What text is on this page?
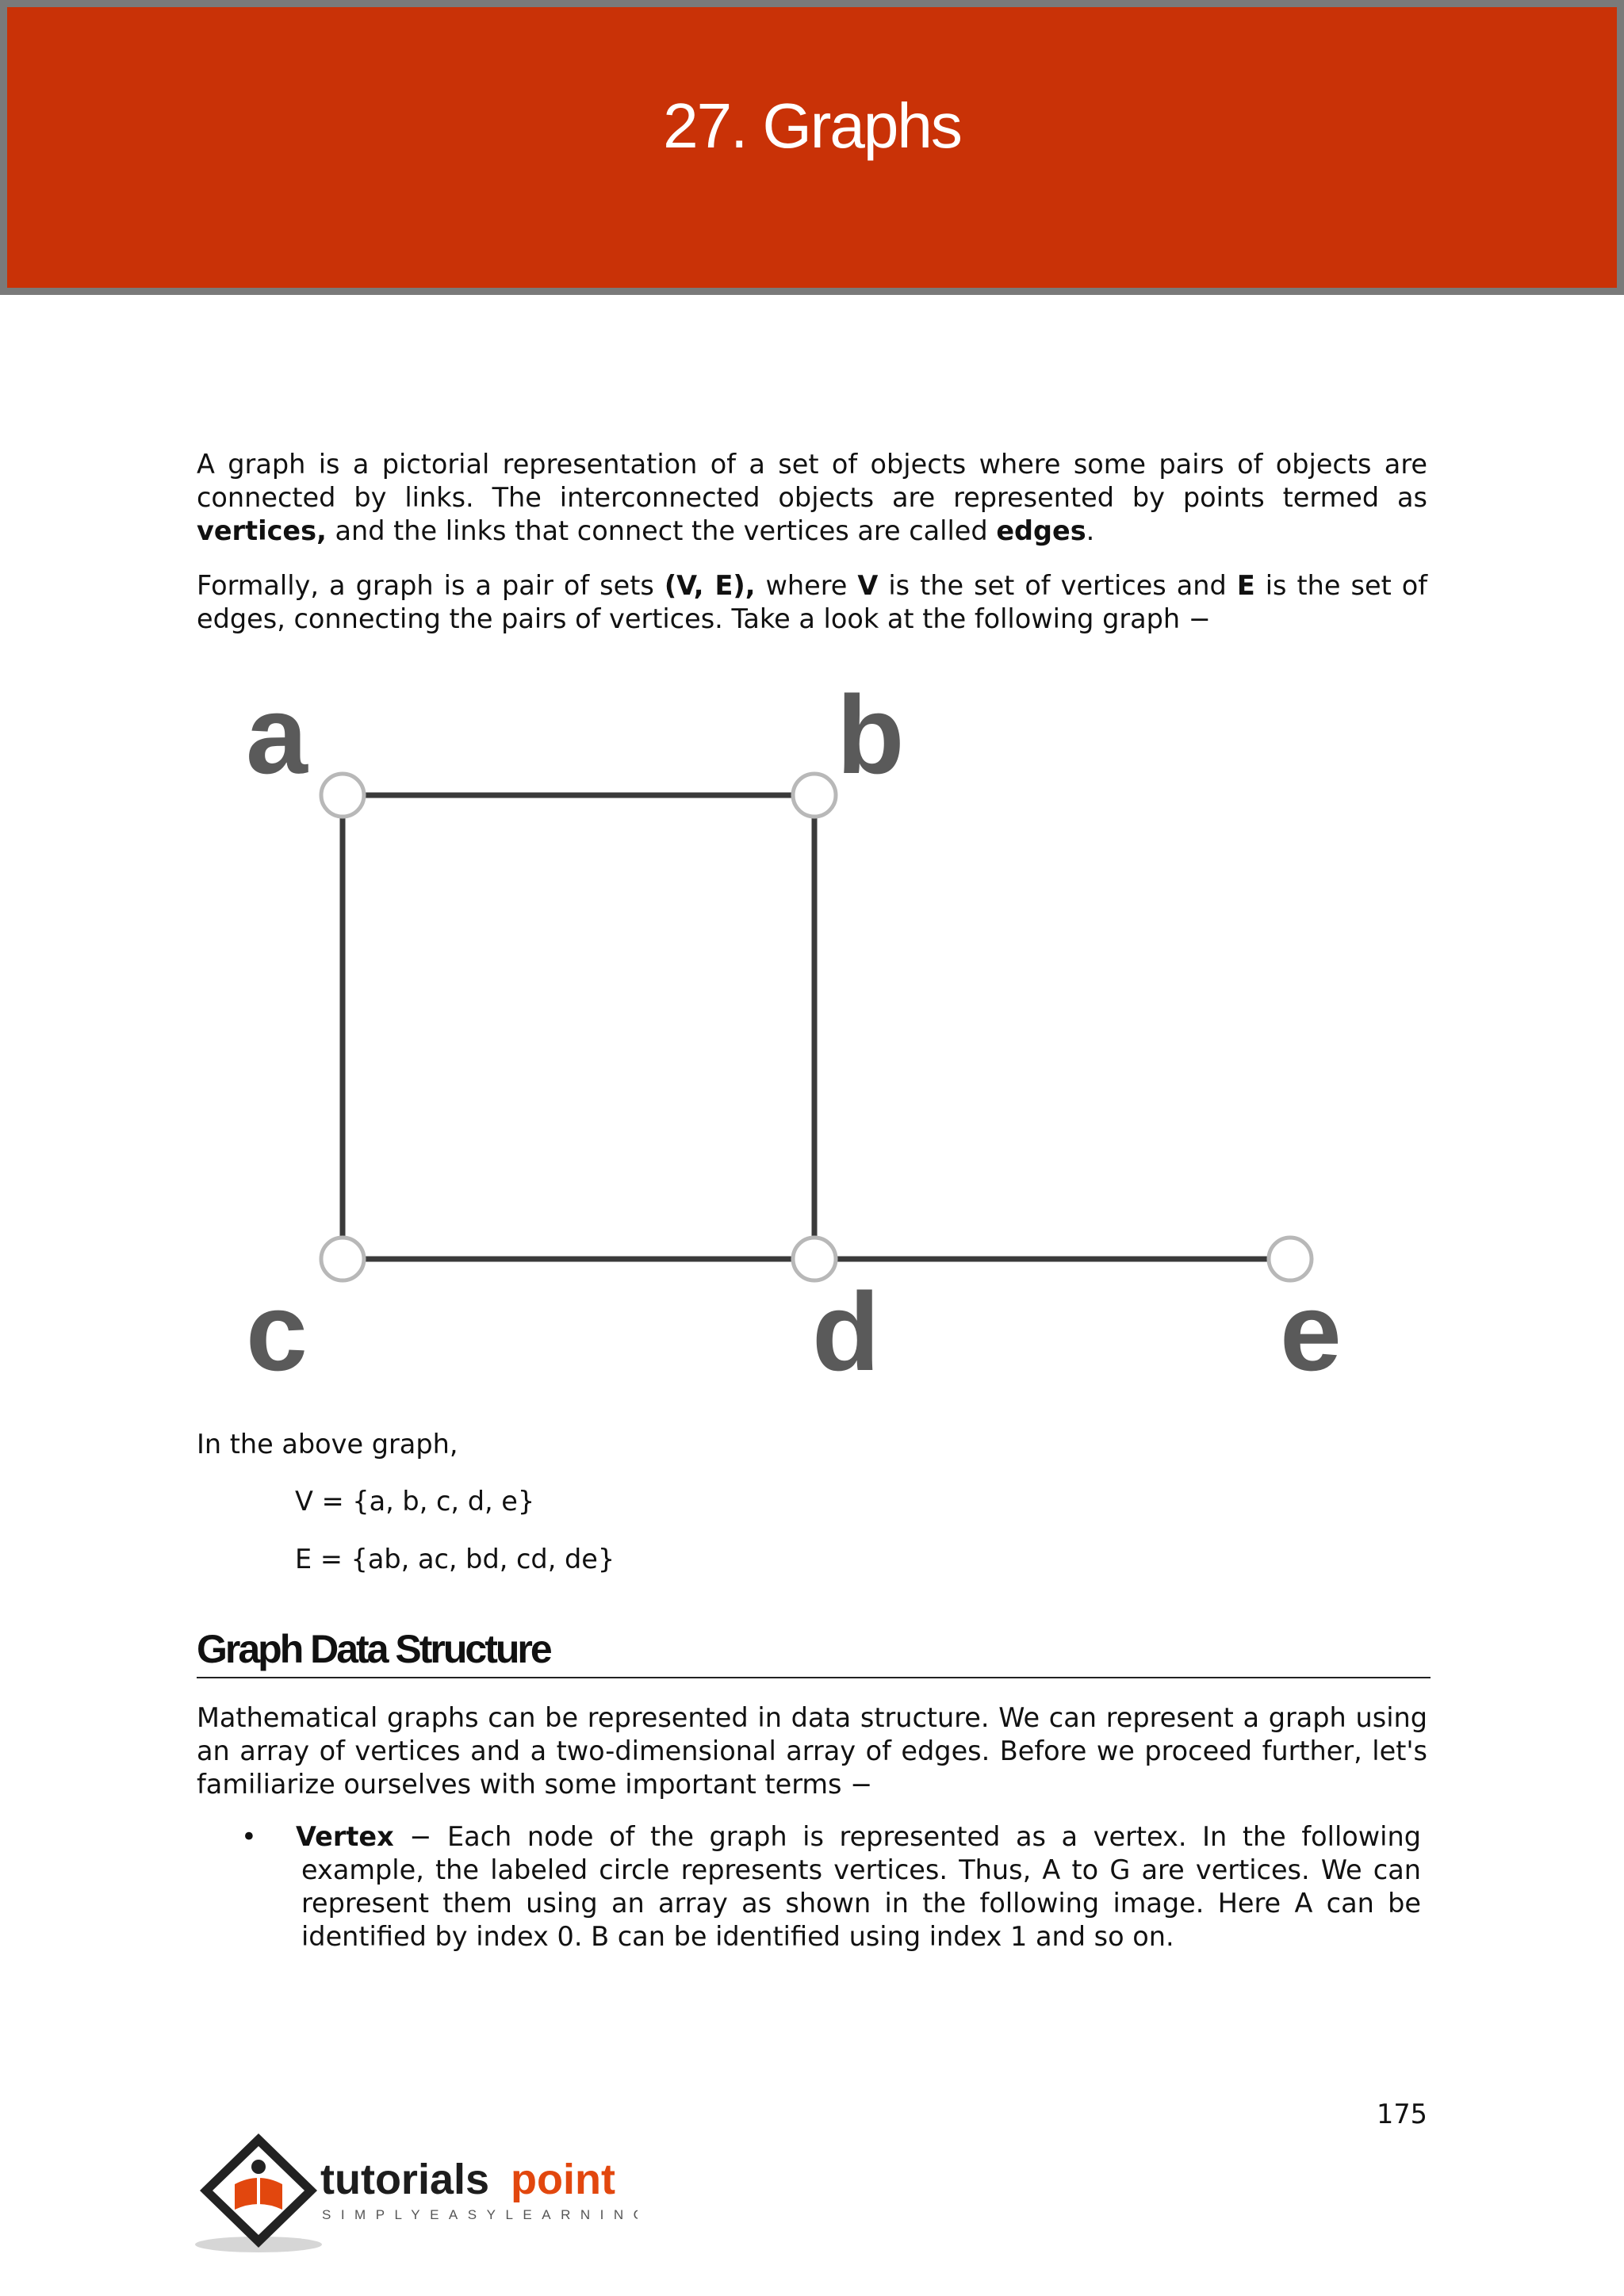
27. Graphs

A graph is a pictorial representation of a set of objects where some pairs of objects are connected by links. The interconnected objects are represented by points termed as vertices, and the links that connect the vertices are called edges.

Formally, a graph is a pair of sets (V, E), where V is the set of vertices and E is the set of edges, connecting the pairs of vertices. Take a look at the following graph −

a	b
c	d	e

In the above graph,

V = {a, b, c, d, e}
E = {ab, ac, bd, cd, de}
Graph Data Structure

Mathematical graphs can be represented in data structure. We can represent a graph using an array of vertices and a two-dimensional array of edges. Before we proceed further, let's familiarize ourselves with some important terms −

• Vertex − Each node of the graph is represented as a vertex. In the following example, the labeled circle represents vertices. Thus, A to G are vertices. We can represent them using an array as shown in the following image. Here A can be identified by index 0. B can be identified using index 1 and so on.
175
tutorials point
SIMPLYEASYLEARNING
